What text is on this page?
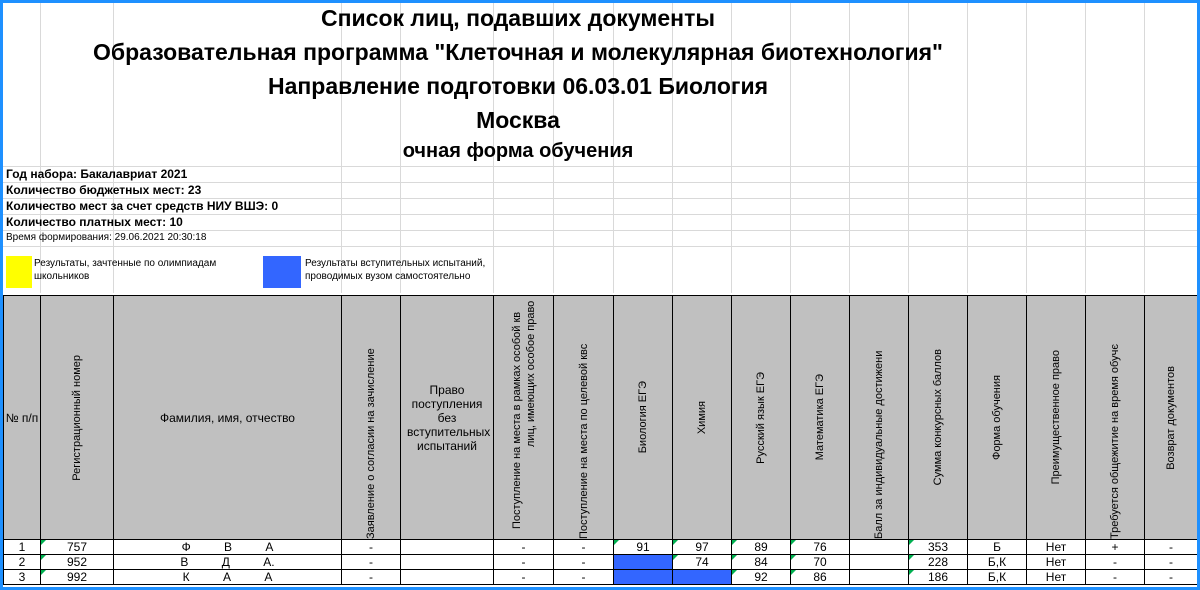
Список лиц, подавших документы
Образовательная программа "Клеточная и молекулярная биотехнология"
Направление подготовки 06.03.01 Биология
Москва
очная форма обучения
Год набора: Бакалавриат 2021
Количество бюджетных мест: 23
Количество мест за счет средств НИУ ВШЭ: 0
Количество платных мест: 10
Время формирования: 29.06.2021 20:30:18
Результаты, зачтенные по олимпиадам школьников
Результаты вступительных испытаний, проводимых вузом самостоятельно
№ п/п	Регистрационный номер	Фамилия, имя, отчество	Заявление о согласии на зачисление	Право поступления без вступительных испытаний	Поступление на места в рамках особой кв лиц, имеющих особое право	Поступление на места по целевой квс	Биология ЕГЭ	Химия	Русский язык ЕГЭ	Математика ЕГЭ	Балл за индивидуальные достижени	Сумма конкурсных баллов	Форма обучения	Преимущественное право	Требуется общежитие на время обучє	Возврат документов

1	757	Ф          В          А	-		-	-	91	97	89	76		353	Б	Нет	+	-
2	952	В          Д          А.	-		-	-		74	84	70		228	Б,К	Нет	-	-
3	992	К          А          А	-		-	-			92	86		186	Б,К	Нет	-	-
